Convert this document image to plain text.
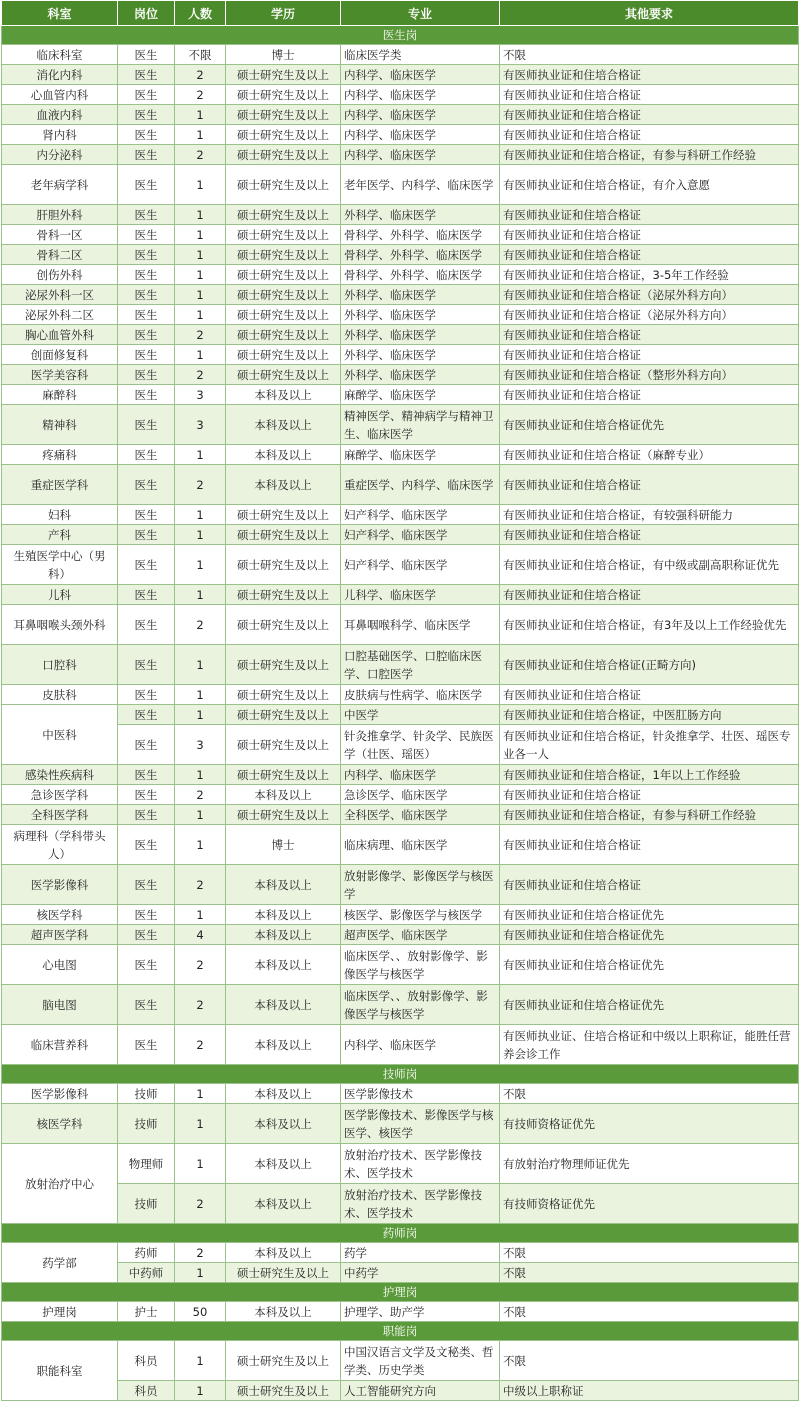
科室	岗位	人数	学历	专业	其他要求
医生岗					
临床科室	医生	不限	博士	临床医学类	不限
消化内科	医生	2	硕士研究生及以上	内科学、临床医学	有医师执业证和住培合格证
心血管内科	医生	2	硕士研究生及以上	内科学、临床医学	有医师执业证和住培合格证
血液内科	医生	1	硕士研究生及以上	内科学、临床医学	有医师执业证和住培合格证
肾内科	医生	1	硕士研究生及以上	内科学、临床医学	有医师执业证和住培合格证
内分泌科	医生	2	硕士研究生及以上	内科学、临床医学	有医师执业证和住培合格证，有参与科研工作经验
老年病学科	医生	1	硕士研究生及以上	老年医学、内科学、临床医学	有医师执业证和住培合格证，有介入意愿
肝胆外科	医生	1	硕士研究生及以上	外科学、临床医学	有医师执业证和住培合格证
骨科一区	医生	1	硕士研究生及以上	骨科学、外科学、临床医学	有医师执业证和住培合格证
骨科二区	医生	1	硕士研究生及以上	骨科学、外科学、临床医学	有医师执业证和住培合格证
创伤外科	医生	1	硕士研究生及以上	骨科学、外科学、临床医学	有医师执业证和住培合格证，3-5年工作经验
泌尿外科一区	医生	1	硕士研究生及以上	外科学、临床医学	有医师执业证和住培合格证（泌尿外科方向）
泌尿外科二区	医生	1	硕士研究生及以上	外科学、临床医学	有医师执业证和住培合格证（泌尿外科方向）
胸心血管外科	医生	2	硕士研究生及以上	外科学、临床医学	有医师执业证和住培合格证
创面修复科	医生	1	硕士研究生及以上	外科学、临床医学	有医师执业证和住培合格证
医学美容科	医生	2	硕士研究生及以上	外科学、临床医学	有医师执业证和住培合格证（整形外科方向）
麻醉科	医生	3	本科及以上	麻醉学、临床医学	有医师执业证和住培合格证
精神科	医生	3	本科及以上	精神医学、精神病学与精神卫生、临床医学	有医师执业证和住培合格证优先
疼痛科	医生	1	本科及以上	麻醉学、临床医学	有医师执业证和住培合格证（麻醉专业）
重症医学科	医生	2	本科及以上	重症医学、内科学、临床医学	有医师执业证和住培合格证
妇科	医生	1	硕士研究生及以上	妇产科学、临床医学	有医师执业证和住培合格证，有较强科研能力
产科	医生	1	硕士研究生及以上	妇产科学、临床医学	有医师执业证和住培合格证
生殖医学中心（男科）	医生	1	硕士研究生及以上	妇产科学、临床医学	有医师执业证和住培合格证，有中级或副高职称证优先
儿科	医生	1	硕士研究生及以上	儿科学、临床医学	有医师执业证和住培合格证
耳鼻咽喉头颈外科	医生	2	硕士研究生及以上	耳鼻咽喉科学、临床医学	有医师执业证和住培合格证，有3年及以上工作经验优先
口腔科	医生	1	硕士研究生及以上	口腔基础医学、口腔临床医学、口腔医学	有医师执业证和住培合格证(正畸方向)
皮肤科	医生	1	硕士研究生及以上	皮肤病与性病学、临床医学	有医师执业证和住培合格证
中医科	医生	1	硕士研究生及以上	中医学	有医师执业证和住培合格证，中医肛肠方向
	医生	3	硕士研究生及以上	针灸推拿学、针灸学、民族医学（壮医、瑶医）	有医师执业证和住培合格证，针灸推拿学、壮医、瑶医专业各一人
感染性疾病科	医生	1	硕士研究生及以上	内科学、临床医学	有医师执业证和住培合格证，1年以上工作经验
急诊医学科	医生	2	本科及以上	急诊医学、临床医学	有医师执业证和住培合格证
全科医学科	医生	1	硕士研究生及以上	全科医学、临床医学	有医师执业证和住培合格证，有参与科研工作经验
病理科（学科带头人）	医生	1	博士	临床病理、临床医学	有医师执业证和住培合格证
医学影像科	医生	2	本科及以上	放射影像学、影像医学与核医学	有医师执业证和住培合格证
核医学科	医生	1	本科及以上	核医学、影像医学与核医学	有医师执业证和住培合格证优先
超声医学科	医生	4	本科及以上	超声医学、临床医学	有医师执业证和住培合格证优先
心电图	医生	2	本科及以上	临床医学、、放射影像学、影像医学与核医学	有医师执业证和住培合格证优先
脑电图	医生	2	本科及以上	临床医学、、放射影像学、影像医学与核医学	有医师执业证和住培合格证优先
临床营养科	医生	2	本科及以上	内科学、临床医学	有医师执业证、住培合格证和中级以上职称证，能胜任营养会诊工作
技师岗					
医学影像科	技师	1	本科及以上	医学影像技术	不限
核医学科	技师	1	本科及以上	医学影像技术、影像医学与核医学、核医学	有技师资格证优先
放射治疗中心	物理师	1	本科及以上	放射治疗技术、医学影像技术、医学技术	有放射治疗物理师证优先
	技师	2	本科及以上	放射治疗技术、医学影像技术、医学技术	有技师资格证优先
药师岗					
药学部	药师	2	本科及以上	药学	不限
	中药师	1	硕士研究生及以上	中药学	不限
护理岗					
护理岗	护士	50	本科及以上	护理学、助产学	不限
职能岗					
职能科室	科员	1	硕士研究生及以上	中国汉语言文学及文秘类、哲学类、历史学类	不限
	科员	1	硕士研究生及以上	人工智能研究方向	中级以上职称证
